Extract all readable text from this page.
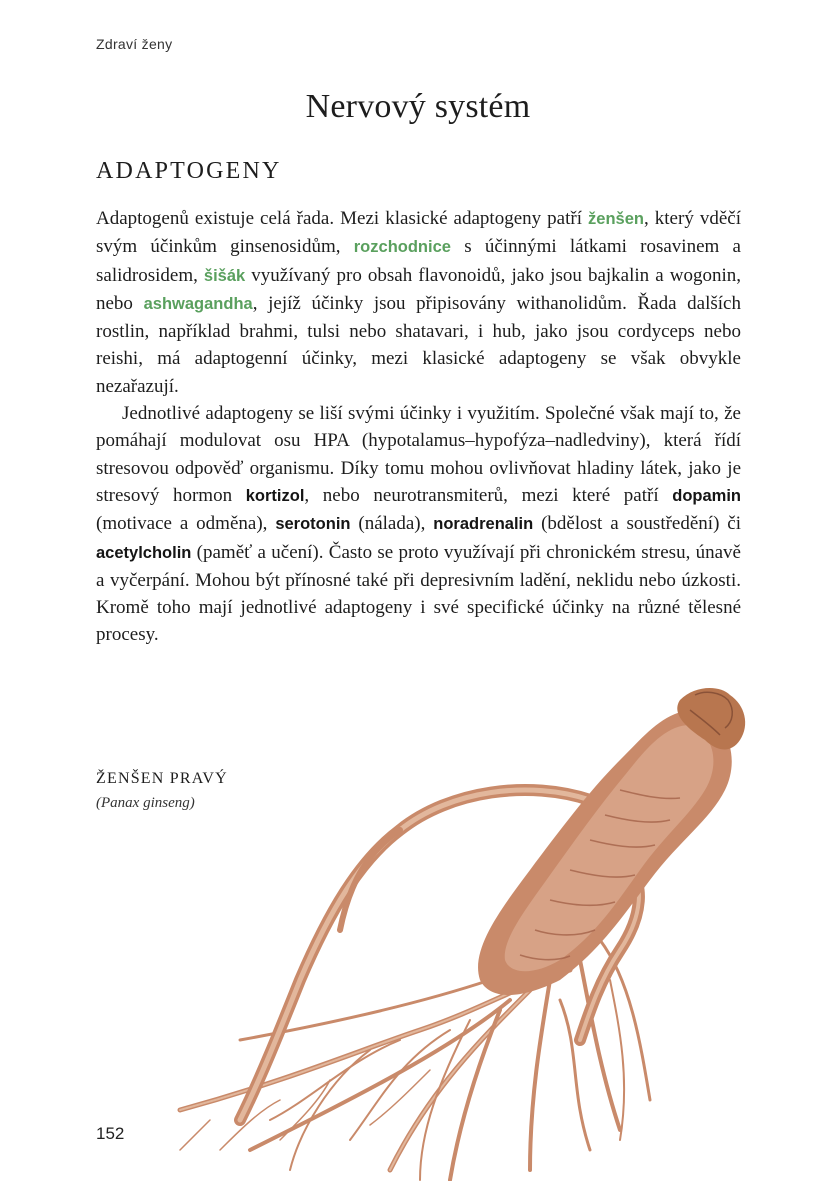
Zdraví ženy
Nervový systém
ADAPTOGENY

Adaptogenů existuje celá řada. Mezi klasické adaptogeny patří ženšen, který vděčí svým účinkům ginsenosidům, rozchodnice s účinnými látkami rosavinem a salidrosidem, šišák využívaný pro obsah flavonoidů, jako jsou bajkalin a wogonin, nebo ashwagandha, jejíž účinky jsou připisovány withanolidům. Řada dalších rostlin, například brahmi, tulsi nebo shatavari, i hub, jako jsou cordyceps nebo reishi, má adaptogenní účinky, mezi klasické adaptogeny se však obvykle nezařazují.

Jednotlivé adaptogeny se liší svými účinky i využitím. Společné však mají to, že pomáhají modulovat osu HPA (hypotalamus–hypofýza–nadledviny), která řídí stresovou odpověď organismu. Díky tomu mohou ovlivňovat hladiny látek, jako je stresový hormon kortizol, nebo neurotransmiterů, mezi které patří dopamin (motivace a odměna), serotonin (nálada), noradrenalin (bdělost a soustředění) či acetylcholin (paměť a učení). Často se proto využívají při chronickém stresu, únavě a vyčerpání. Mohou být přínosné také při depresivním ladění, neklidu nebo úzkosti. Kromě toho mají jednotlivé adaptogeny i své specifické účinky na různé tělesné procesy.

ŽENŠEN PRAVÝ
(Panax ginseng)
152
